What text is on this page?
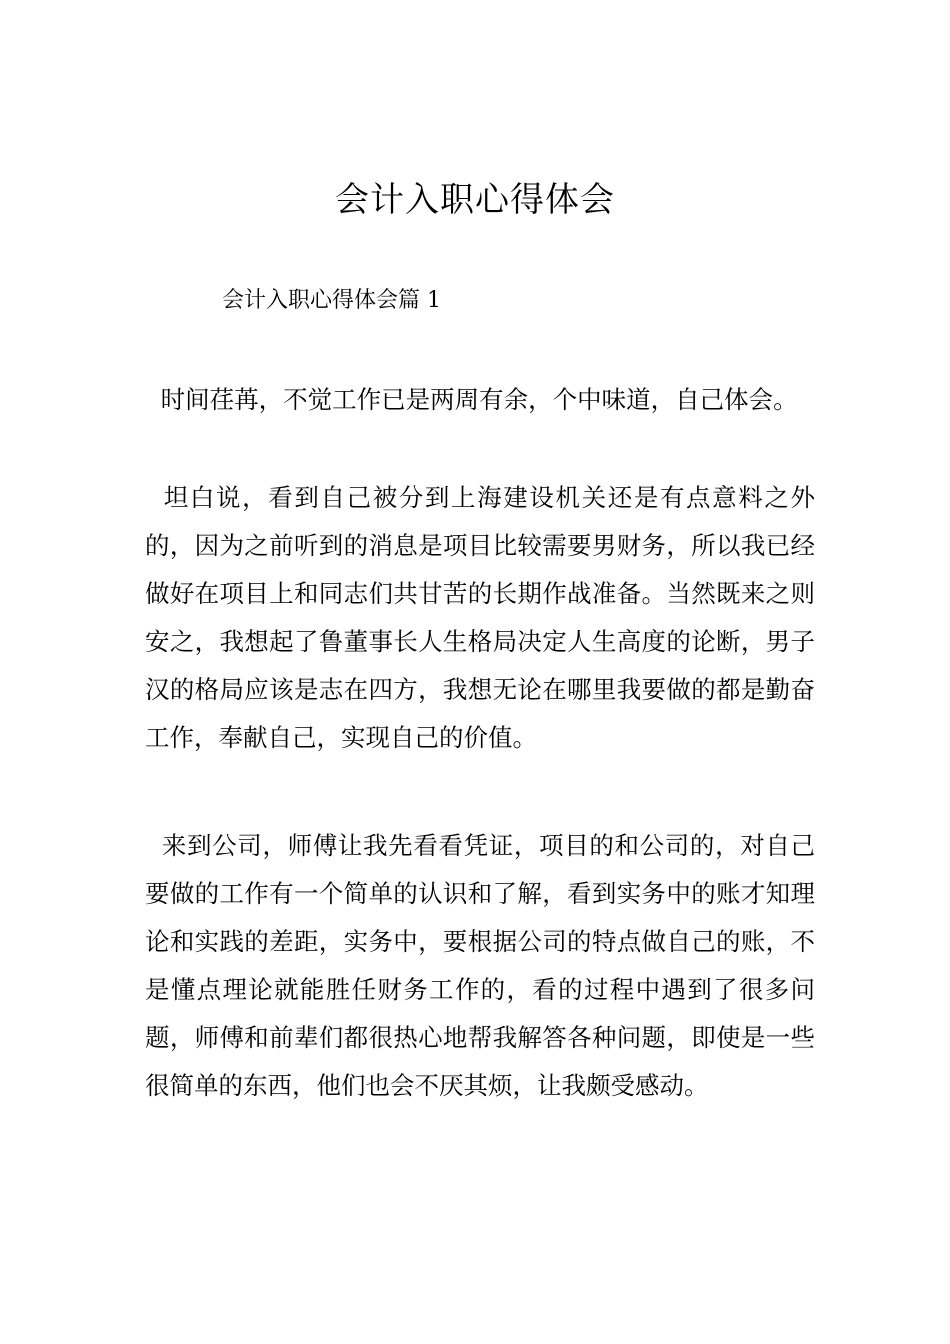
会计入职心得体会
会计入职心得体会篇 1

时间荏苒，不觉工作已是两周有余，个中味道，自己体会。

坦白说，看到自己被分到上海建设机关还是有点意料之外的，因为之前听到的消息是项目比较需要男财务，所以我已经做好在项目上和同志们共甘苦的长期作战准备。当然既来之则安之，我想起了鲁董事长人生格局决定人生高度的论断，男子汉的格局应该是志在四方，我想无论在哪里我要做的都是勤奋工作，奉献自己，实现自己的价值。

来到公司，师傅让我先看看凭证，项目的和公司的，对自己要做的工作有一个简单的认识和了解，看到实务中的账才知理论和实践的差距，实务中，要根据公司的特点做自己的账，不是懂点理论就能胜任财务工作的，看的过程中遇到了很多问题，师傅和前辈们都很热心地帮我解答各种问题，即使是一些很简单的东西，他们也会不厌其烦，让我颇受感动。
